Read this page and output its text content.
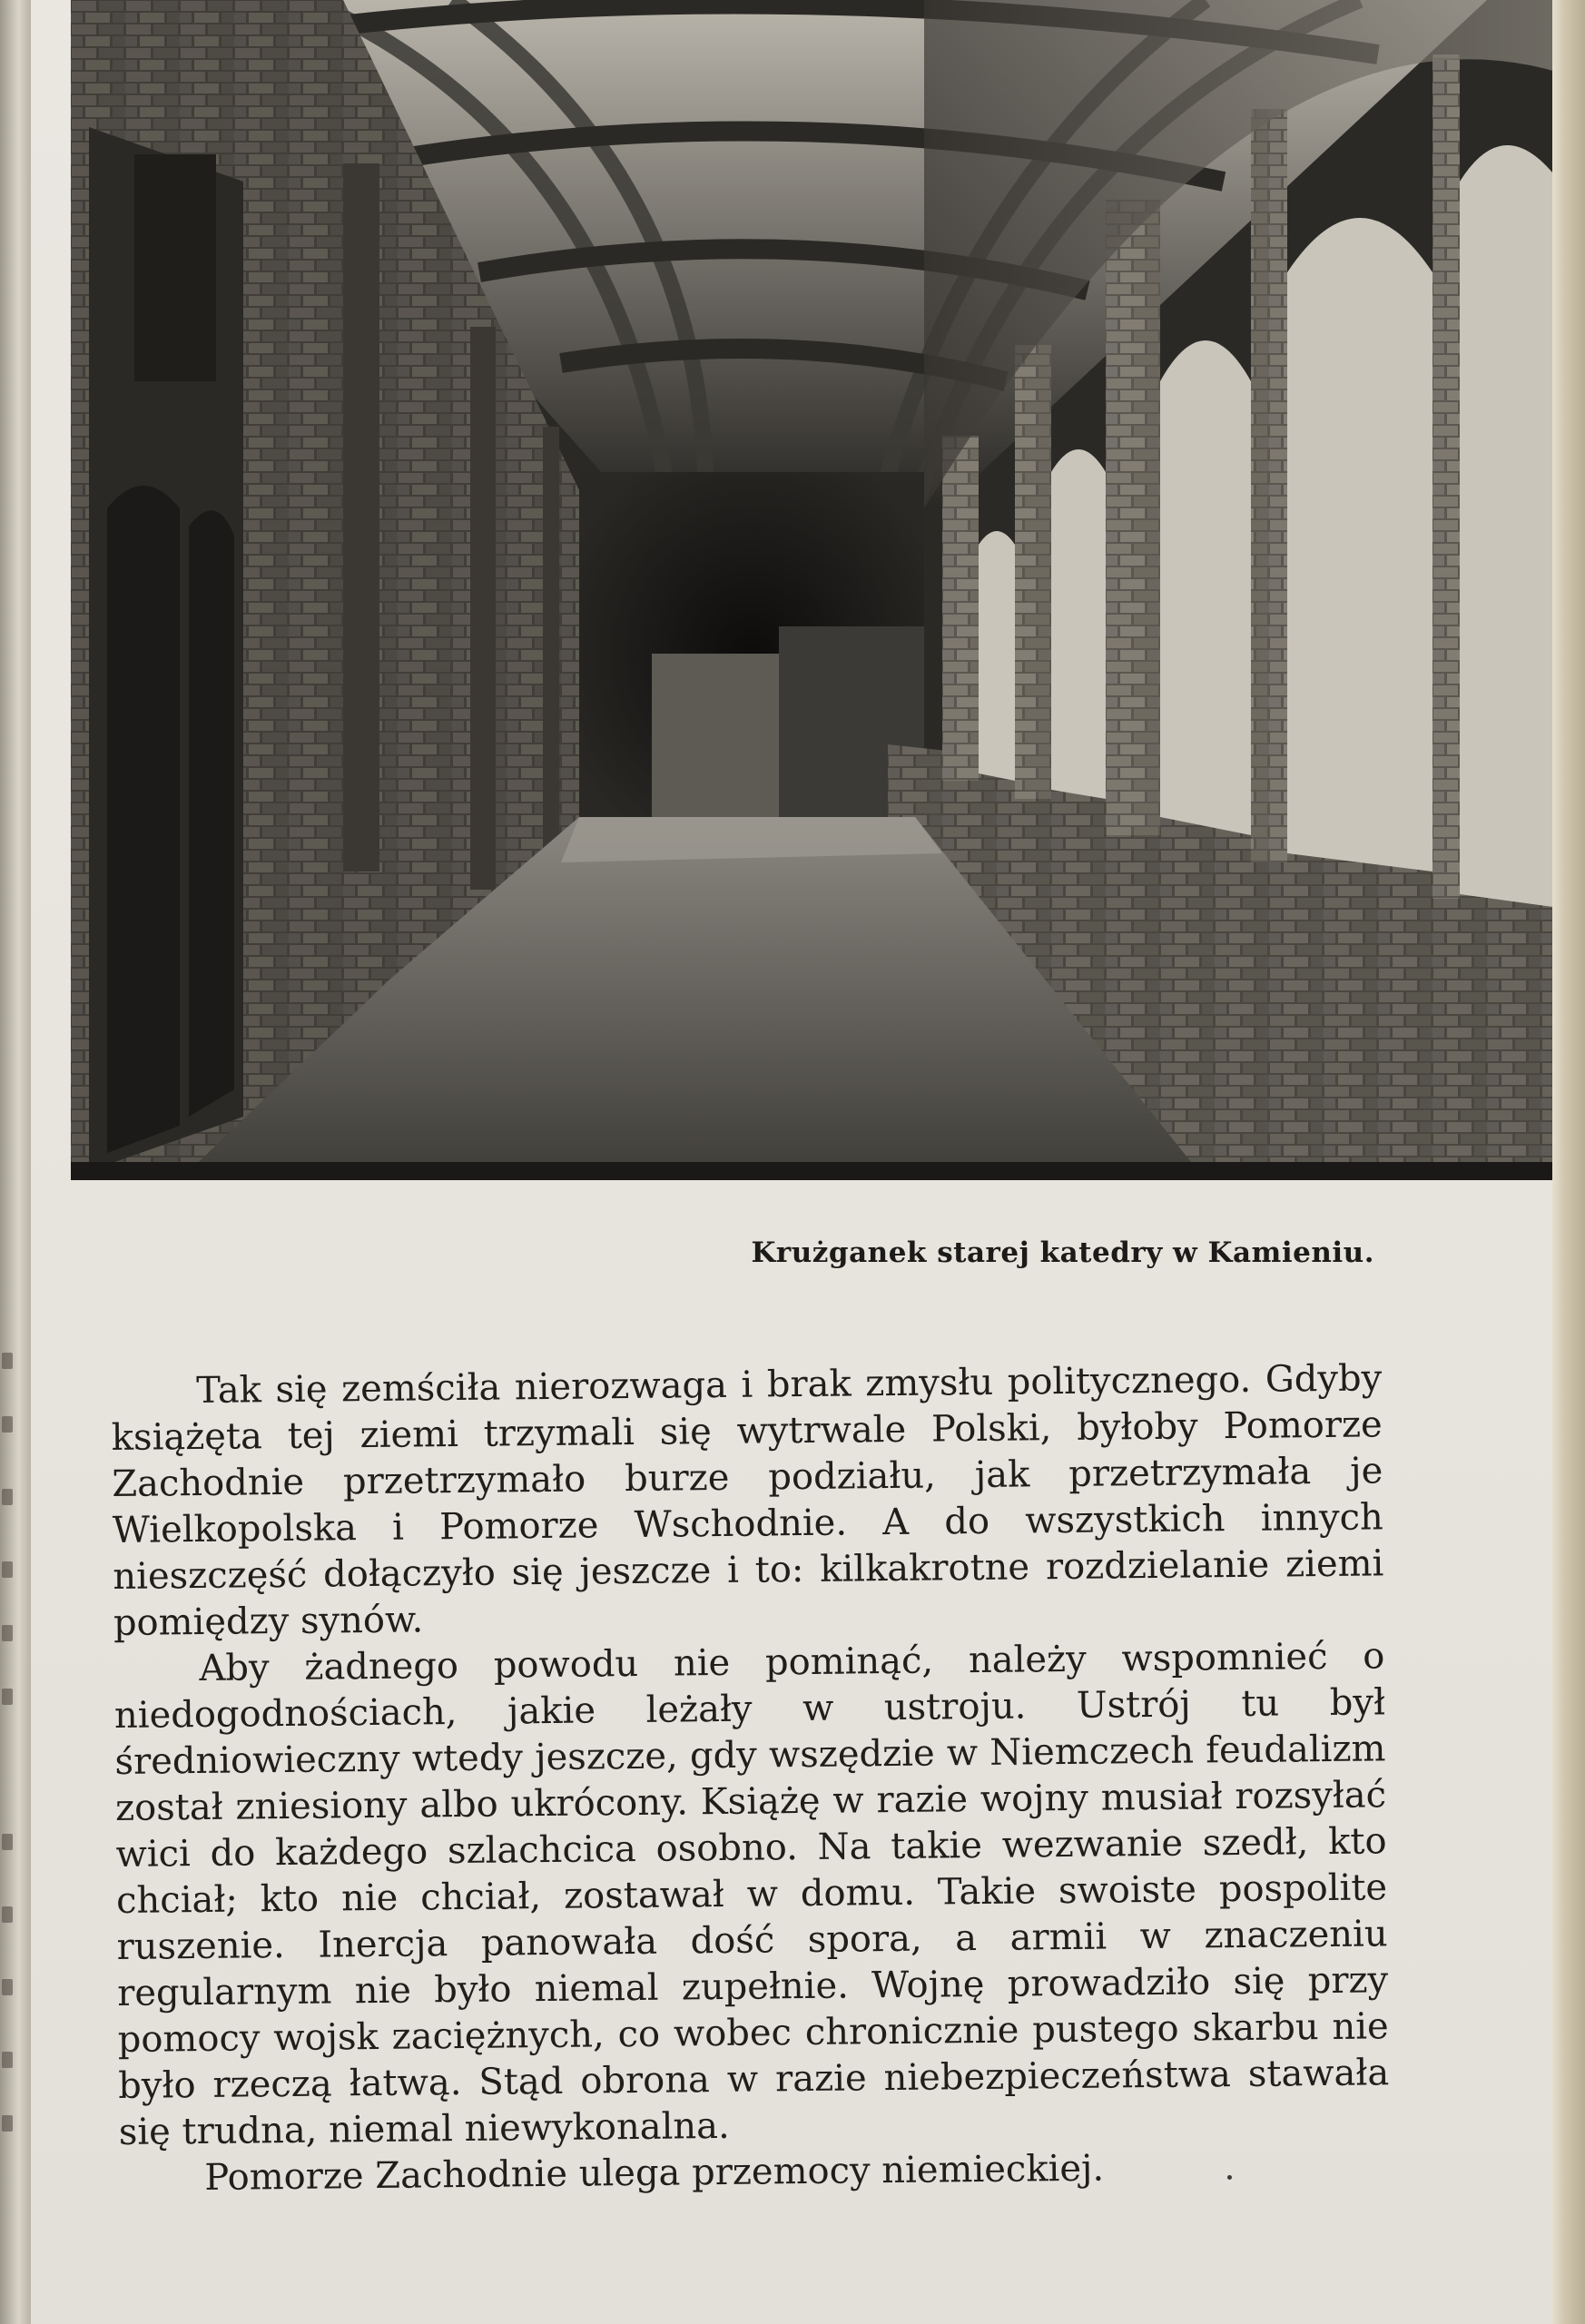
Krużganek starej katedry w Kamieniu.

Tak się zemściła nierozwaga i brak zmysłu politycznego. Gdyby książęta tej ziemi trzymali się wytrwale Polski, byłoby Pomorze Zachodnie przetrzymało burze podziału, jak przetrzymała je Wielkopolska i Pomorze Wschodnie. A do wszystkich innych nieszczęść dołączyło się jeszcze i to: kilkakrotne rozdzielanie ziemi pomiędzy synów.

Aby żadnego powodu nie pominąć, należy wspomnieć o niedogodnościach, jakie leżały w ustroju. Ustrój tu był średniowieczny wtedy jeszcze, gdy wszędzie w Niemczech feudalizm został zniesiony albo ukrócony. Książę w razie wojny musiał rozsyłać wici do każdego szlachcica osobno. Na takie wezwanie szedł, kto chciał; kto nie chciał, zostawał w domu. Takie swoiste pospolite ruszenie. Inercja panowała dość spora, a armii w znaczeniu regularnym nie było niemal zupełnie. Wojnę prowadziło się przy pomocy wojsk zaciężnych, co wobec chronicznie pustego skarbu nie było rzeczą łatwą. Stąd obrona w razie niebezpieczeństwa stawała się trudna, niemal niewykonalna.

Pomorze Zachodnie ulega przemocy niemieckiej.
